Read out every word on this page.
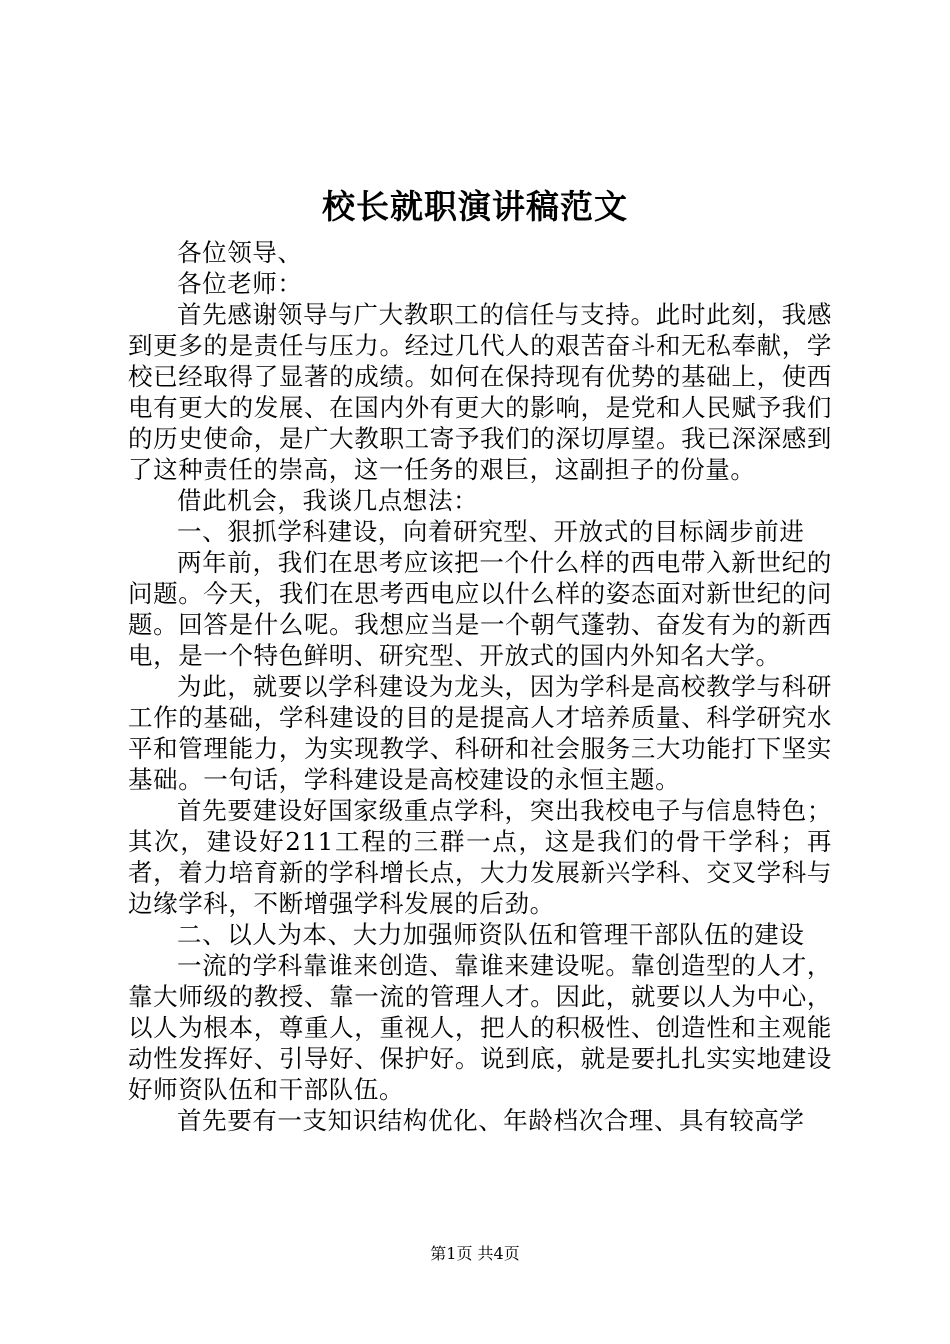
校长就职演讲稿范文

各位领导、

各位老师：

首先感谢领导与广大教职工的信任与支持。此时此刻，我感到更多的是责任与压力。经过几代人的艰苦奋斗和无私奉献，学校已经取得了显著的成绩。如何在保持现有优势的基础上，使西电有更大的发展、在国内外有更大的影响，是党和人民赋予我们的历史使命，是广大教职工寄予我们的深切厚望。我已深深感到了这种责任的崇高，这一任务的艰巨，这副担子的份量。

借此机会，我谈几点想法：

一、狠抓学科建设，向着研究型、开放式的目标阔步前进

两年前，我们在思考应该把一个什么样的西电带入新世纪的问题。今天，我们在思考西电应以什么样的姿态面对新世纪的问题。回答是什么呢。我想应当是一个朝气蓬勃、奋发有为的新西电，是一个特色鲜明、研究型、开放式的国内外知名大学。

为此，就要以学科建设为龙头，因为学科是高校教学与科研工作的基础，学科建设的目的是提高人才培养质量、科学研究水平和管理能力，为实现教学、科研和社会服务三大功能打下坚实基础。一句话，学科建设是高校建设的永恒主题。

首先要建设好国家级重点学科，突出我校电子与信息特色；其次，建设好211工程的三群一点，这是我们的骨干学科；再者，着力培育新的学科增长点，大力发展新兴学科、交叉学科与边缘学科，不断增强学科发展的后劲。

二、以人为本、大力加强师资队伍和管理干部队伍的建设

一流的学科靠谁来创造、靠谁来建设呢。靠创造型的人才，靠大师级的教授、靠一流的管理人才。因此，就要以人为中心，以人为根本，尊重人，重视人，把人的积极性、创造性和主观能动性发挥好、引导好、保护好。说到底，就是要扎扎实实地建设好师资队伍和干部队伍。

首先要有一支知识结构优化、年龄档次合理、具有较高学

第1页 共4页
